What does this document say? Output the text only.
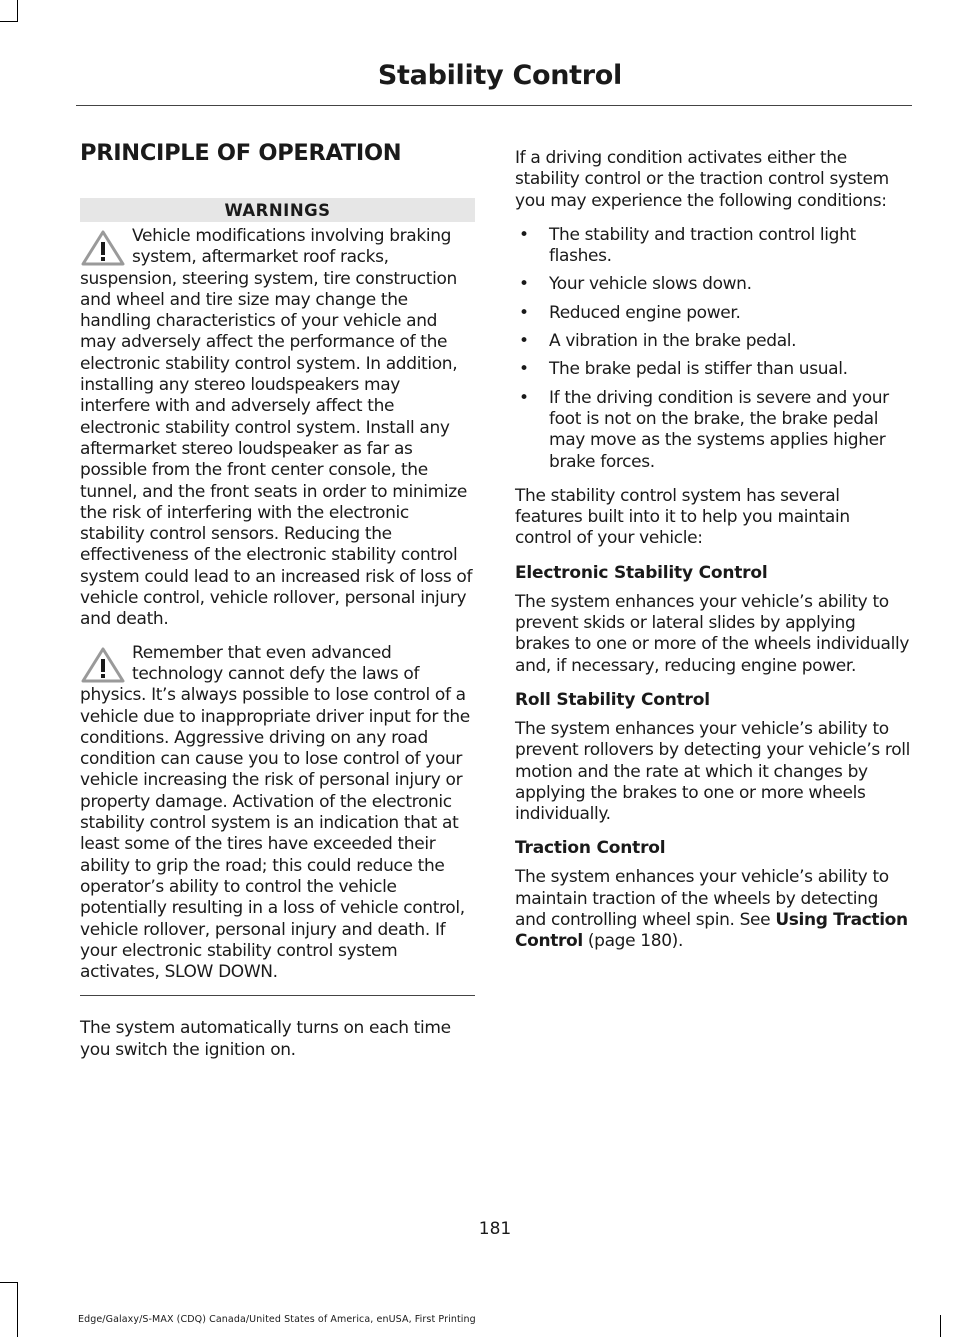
Stability Control
PRINCIPLE OF OPERATION
WARNINGS
Vehicle modifications involving braking system, aftermarket roof racks, suspension, steering system, tire construction and wheel and tire size may change the handling characteristics of your vehicle and may adversely affect the performance of the electronic stability control system. In addition, installing any stereo loudspeakers may interfere with and adversely affect the electronic stability control system. Install any aftermarket stereo loudspeaker as far as possible from the front center console, the tunnel, and the front seats in order to minimize the risk of interfering with the electronic stability control sensors. Reducing the effectiveness of the electronic stability control system could lead to an increased risk of loss of vehicle control, vehicle rollover, personal injury and death.
Remember that even advanced technology cannot defy the laws of physics. It’s always possible to lose control of a vehicle due to inappropriate driver input for the conditions. Aggressive driving on any road condition can cause you to lose control of your vehicle increasing the risk of personal injury or property damage. Activation of the electronic stability control system is an indication that at least some of the tires have exceeded their ability to grip the road; this could reduce the operator’s ability to control the vehicle potentially resulting in a loss of vehicle control, vehicle rollover, personal injury and death. If your electronic stability control system activates, SLOW DOWN.

The system automatically turns on each time you switch the ignition on.

If a driving condition activates either the stability control or the traction control system you may experience the following conditions:

• The stability and traction control light flashes.
• Your vehicle slows down.
• Reduced engine power.
• A vibration in the brake pedal.
• The brake pedal is stiffer than usual.
• If the driving condition is severe and your foot is not on the brake, the brake pedal may move as the systems applies higher brake forces.

The stability control system has several features built into it to help you maintain control of your vehicle:

Electronic Stability Control

The system enhances your vehicle’s ability to prevent skids or lateral slides by applying brakes to one or more of the wheels individually and, if necessary, reducing engine power.

Roll Stability Control

The system enhances your vehicle’s ability to prevent rollovers by detecting your vehicle’s roll motion and the rate at which it changes by applying the brakes to one or more wheels individually.

Traction Control

The system enhances your vehicle’s ability to maintain traction of the wheels by detecting and controlling wheel spin. See Using Traction Control (page 180).

181
Edge/Galaxy/S-MAX (CDQ) Canada/United States of America, enUSA, First Printing
